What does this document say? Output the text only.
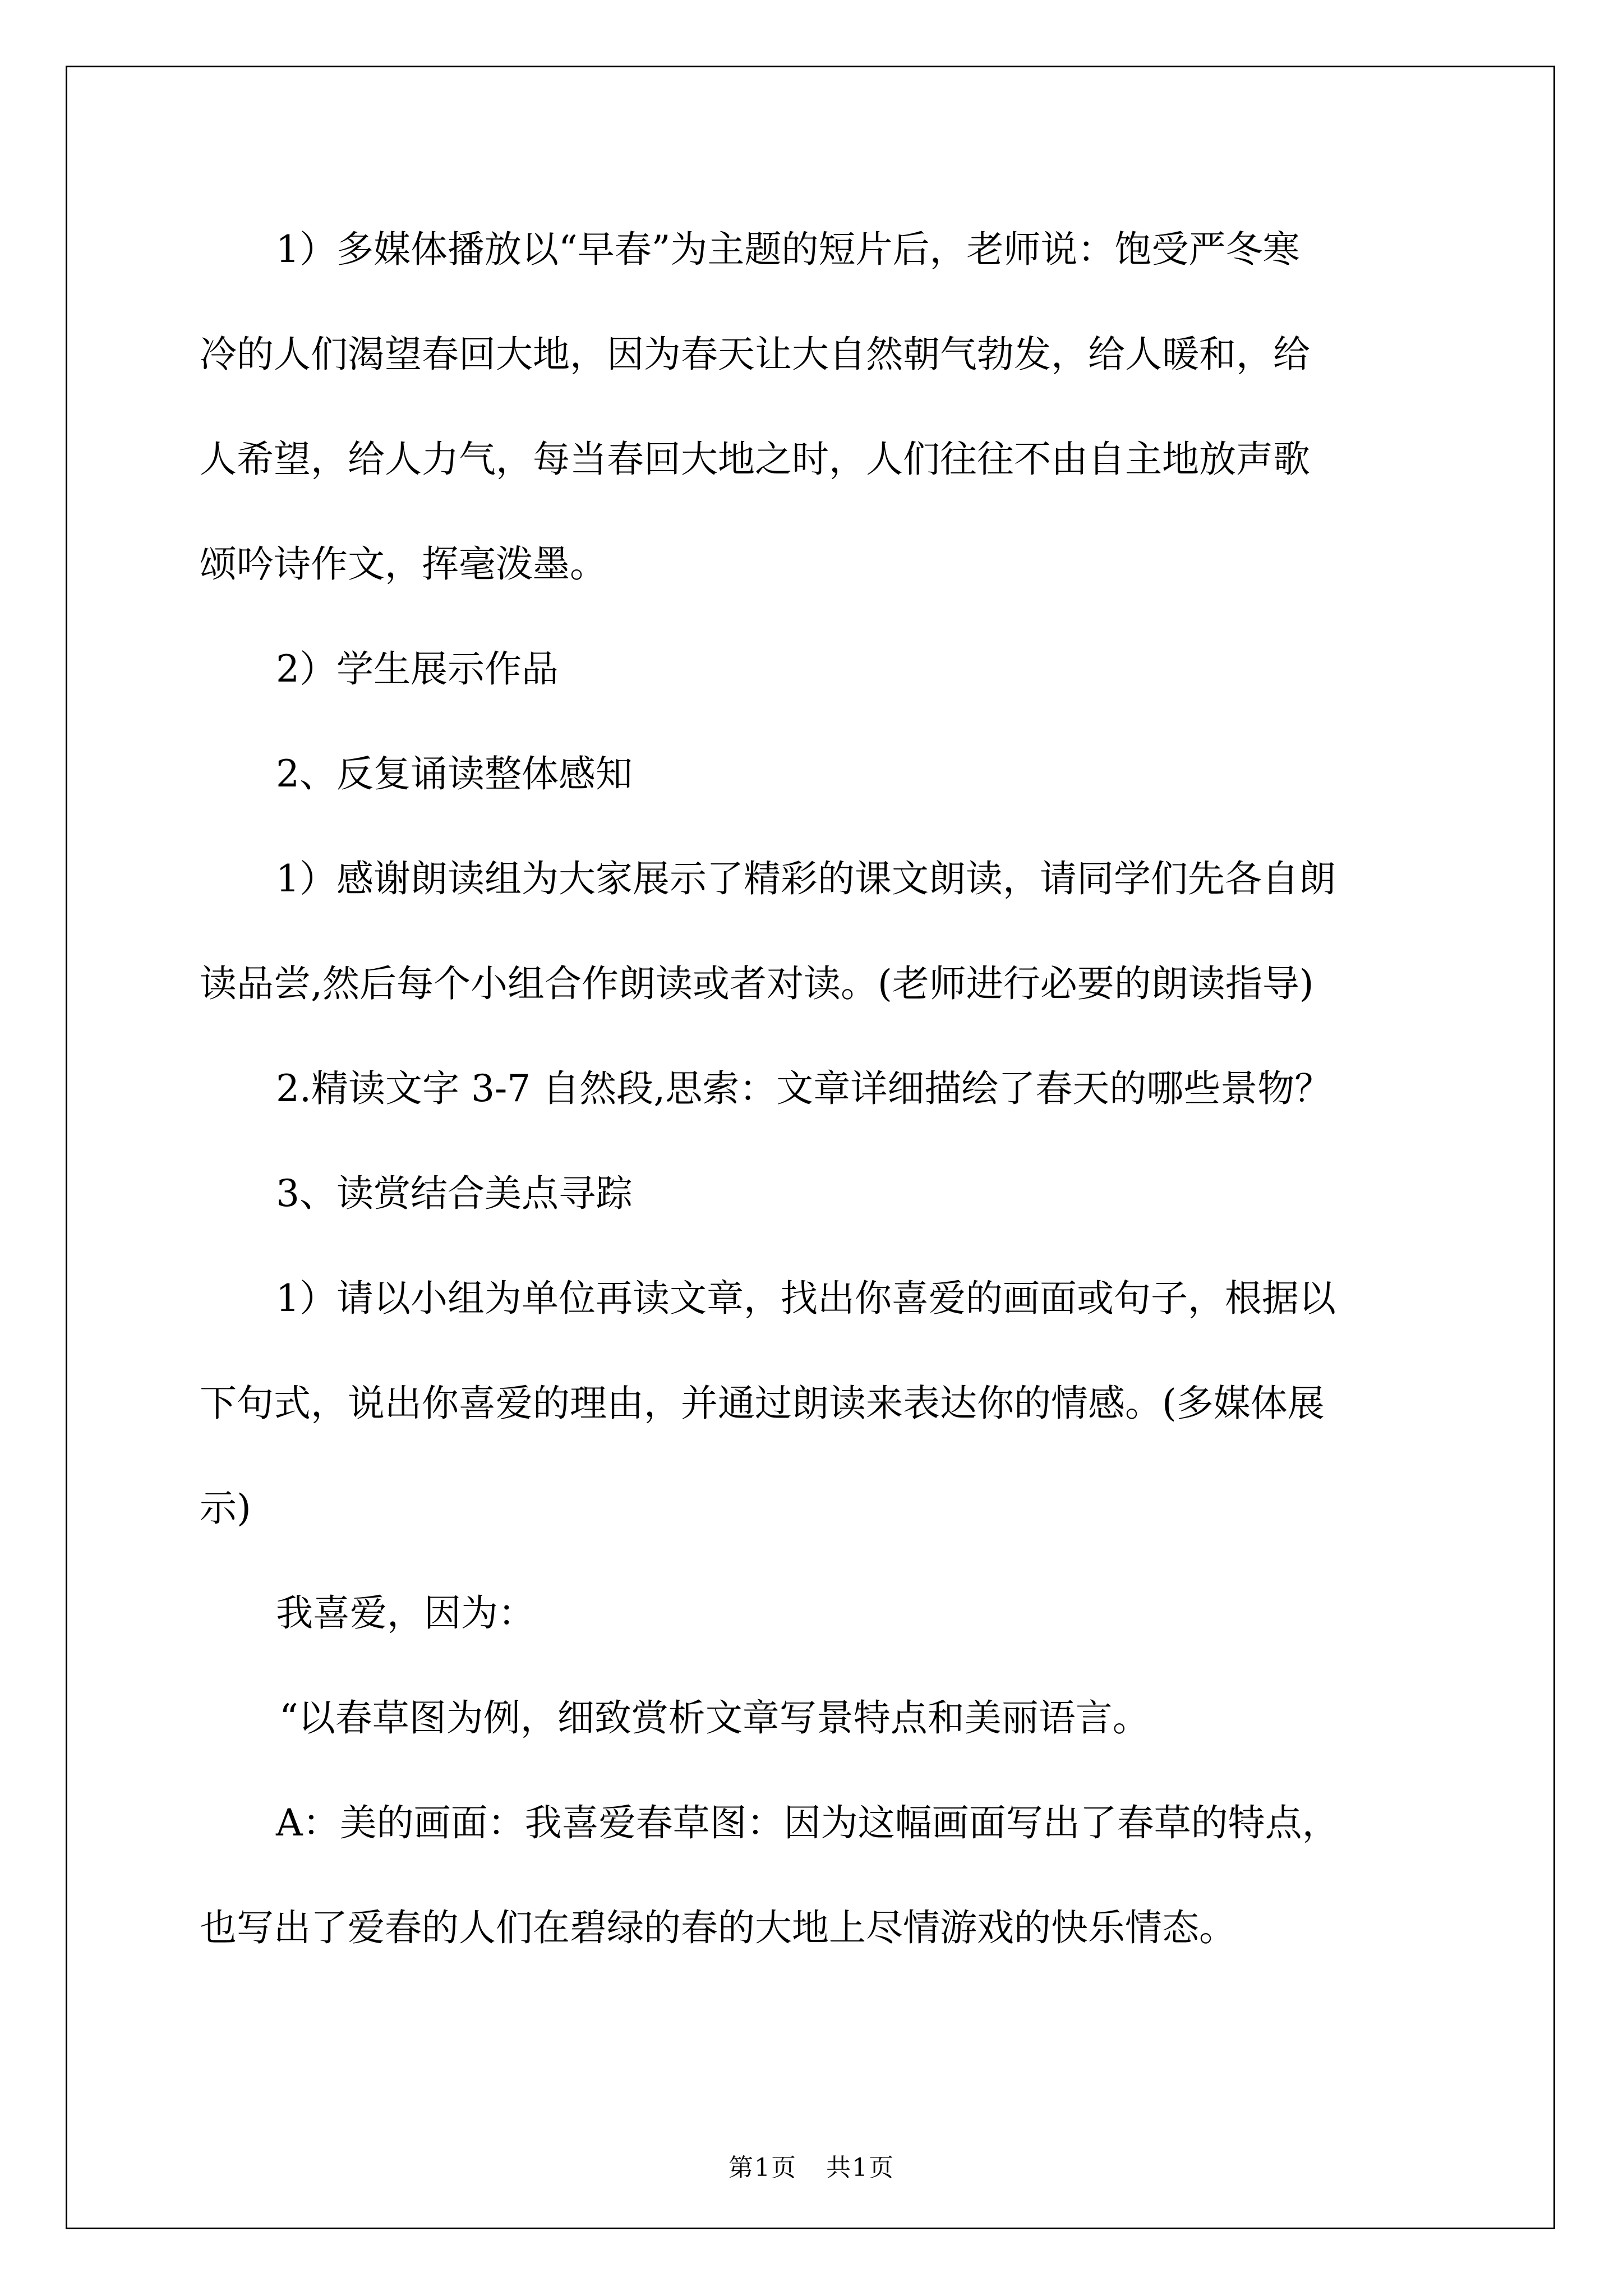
1）多媒体播放以“早春”为主题的短片后，老师说：饱受严冬寒
冷的人们渴望春回大地，因为春天让大自然朝气勃发，给人暖和，给
人希望，给人力气，每当春回大地之时，人们往往不由自主地放声歌
颂吟诗作文，挥毫泼墨。
2）学生展示作品
2、反复诵读整体感知
1）感谢朗读组为大家展示了精彩的课文朗读，请同学们先各自朗
读品尝,然后每个小组合作朗读或者对读。(老师进行必要的朗读指导)
2.精读文字 3-7 自然段,思索：文章详细描绘了春天的哪些景物？
3、读赏结合美点寻踪
1）请以小组为单位再读文章，找出你喜爱的画面或句子，根据以
下句式，说出你喜爱的理由，并通过朗读来表达你的情感。(多媒体展
示)
我喜爱，因为：
“以春草图为例，细致赏析文章写景特点和美丽语言。
A：美的画面：我喜爱春草图：因为这幅画面写出了春草的特点，
也写出了爱春的人们在碧绿的春的大地上尽情游戏的快乐情态。
第1页 共1页
